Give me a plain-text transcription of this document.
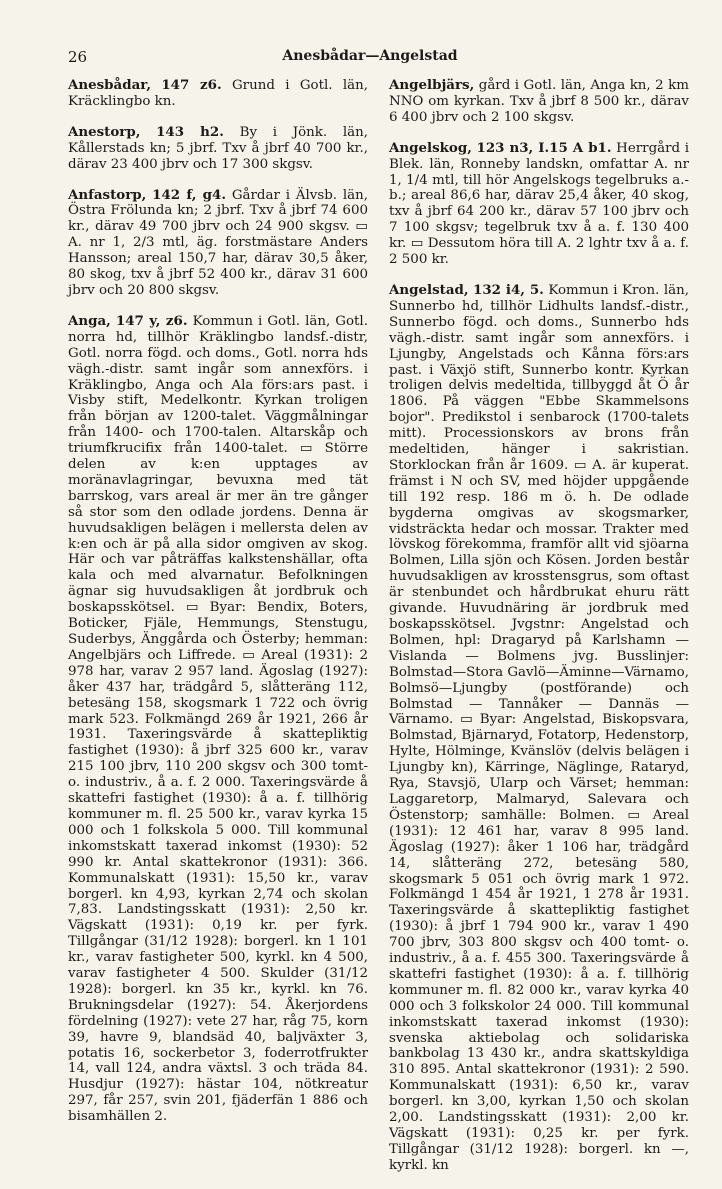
26	Anesbådar—Angelstad

Anesbådar, 147 z6. Grund i Gotl. län, Kräcklingbo kn.

Anestorp, 143 h2. By i Jönk. län, Kållerstads kn; 5 jbrf. Txv å jbrf 40 700 kr., därav 23 400 jbrv och 17 300 skgsv.

Anfastorp, 142 f, g4. Gårdar i Älvsb. län, Östra Frölunda kn; 2 jbrf. Txv å jbrf 74 600 kr., därav 49 700 jbrv och 24 900 skgsv. ▭ A. nr 1, 2/3 mtl, äg. forstmästare Anders Hansson; areal 150,7 har, därav 30,5 åker, 80 skog, txv å jbrf 52 400 kr., därav 31 600 jbrv och 20 800 skgsv.

Anga, 147 y, z6. Kommun i Gotl. län, Gotl. norra hd, tillhör Kräklingbo landsf.-distr, Gotl. norra fögd. och doms., Gotl. norra hds vägh.-distr. samt ingår som annexförs. i Kräklingbo, Anga och Ala förs:ars past. i Visby stift, Medelkontr. Kyrkan troligen från början av 1200-talet. Väggmålningar från 1400- och 1700-talen. Altarskåp och triumfkrucifix från 1400-talet. ▭ Större delen av k:en upptages av moränavlagringar, bevuxna med tät barrskog, vars areal är mer än tre gånger så stor som den odlade jordens. Denna är huvudsakligen belägen i mellersta delen av k:en och är på alla sidor omgiven av skog. Här och var påträffas kalkstenshällar, ofta kala och med alvarnatur. Befolkningen ägnar sig huvudsakligen åt jordbruk och boskapsskötsel. ▭ Byar: Bendix, Boters, Boticker, Fjäle, Hemmungs, Stenstugu, Suderbys, Änggårda och Österby; hemman: Angelbjärs och Liffrede. ▭ Areal (1931): 2 978 har, varav 2 957 land. Ägoslag (1927): åker 437 har, trädgård 5, slåtteräng 112, betesäng 158, skogsmark 1 722 och övrig mark 523. Folkmängd 269 år 1921, 266 år 1931. Taxeringsvärde å skattepliktig fastighet (1930): å jbrf 325 600 kr., varav 215 100 jbrv, 110 200 skgsv och 300 tomt- o. industriv., å a. f. 2 000. Taxeringsvärde å skattefri fastighet (1930): å a. f. tillhörig kommuner m. fl. 25 500 kr., varav kyrka 15 000 och 1 folkskola 5 000. Till kommunal inkomstskatt taxerad inkomst (1930): 52 990 kr. Antal skattekronor (1931): 366. Kommunalskatt (1931): 15,50 kr., varav borgerl. kn 4,93, kyrkan 2,74 och skolan 7,83. Landstingsskatt (1931): 2,50 kr. Vägskatt (1931): 0,19 kr. per fyrk. Tillgångar (31/12 1928): borgerl. kn 1 101 kr., varav fastigheter 500, kyrkl. kn 4 500, varav fastigheter 4 500. Skulder (31/12 1928): borgerl. kn 35 kr., kyrkl. kn 76. Brukningsdelar (1927): 54. Åkerjordens fördelning (1927): vete 27 har, råg 75, korn 39, havre 9, blandsäd 40, baljväxter 3, potatis 16, sockerbetor 3, foderrotfrukter 14, vall 124, andra växtsl. 3 och träda 84. Husdjur (1927): hästar 104, nötkreatur 297, får 257, svin 201, fjäderfän 1 886 och bisamhällen 2.

Angelbjärs, gård i Gotl. län, Anga kn, 2 km NNO om kyrkan. Txv å jbrf 8 500 kr., därav 6 400 jbrv och 2 100 skgsv.

Angelskog, 123 n3, I.15 A b1. Herrgård i Blek. län, Ronneby landskn, omfattar A. nr 1, 1/4 mtl, till hör Angelskogs tegelbruks a.-b.; areal 86,6 har, därav 25,4 åker, 40 skog, txv å jbrf 64 200 kr., därav 57 100 jbrv och 7 100 skgsv; tegelbruk txv å a. f. 130 400 kr. ▭ Dessutom höra till A. 2 lghtr txv å a. f. 2 500 kr.

Angelstad, 132 i4, 5. Kommun i Kron. län, Sunnerbo hd, tillhör Lidhults landsf.-distr., Sunnerbo fögd. och doms., Sunnerbo hds vägh.-distr. samt ingår som annexförs. i Ljungby, Angelstads och Kånna förs:ars past. i Växjö stift, Sunnerbo kontr. Kyrkan troligen delvis medeltida, tillbyggd åt Ö år 1806. På väggen "Ebbe Skammelsons bojor". Predikstol i senbarock (1700-talets mitt). Processionskors av brons från medeltiden, hänger i sakristian. Storklockan från år 1609. ▭ A. är kuperat. främst i N och SV, med höjder uppgående till 192 resp. 186 m ö. h. De odlade bygderna omgivas av skogsmarker, vidsträckta hedar och mossar. Trakter med lövskog förekomma, framför allt vid sjöarna Bolmen, Lilla sjön och Kösen. Jorden består huvudsakligen av krosstensgrus, som oftast är stenbundet och hårdbrukat ehuru rätt givande. Huvudnäring är jordbruk med boskapsskötsel. Jvgstnr: Angelstad och Bolmen, hpl: Dragaryd på Karlshamn — Vislanda — Bolmens jvg. Busslinjer: Bolmstad—Stora Gavlö—Äminne—Värnamo, Bolmsö—Ljungby (postförande) och Bolmstad — Tannåker — Dannäs —Värnamo. ▭ Byar: Angelstad, Biskopsvara, Bolmstad, Bjärnaryd, Fotatorp, Hedenstorp, Hylte, Hölminge, Kvänslöv (delvis belägen i Ljungby kn), Kärringe, Näglinge, Rataryd, Rya, Stavsjö, Ularp och Värset; hemman: Laggaretorp, Malmaryd, Salevara och Östenstorp; samhälle: Bolmen. ▭ Areal (1931): 12 461 har, varav 8 995 land. Ägoslag (1927): åker 1 106 har, trädgård 14, slåtteräng 272, betesäng 580, skogsmark 5 051 och övrig mark 1 972. Folkmängd 1 454 år 1921, 1 278 år 1931. Taxeringsvärde å skattepliktig fastighet (1930): å jbrf 1 794 900 kr., varav 1 490 700 jbrv, 303 800 skgsv och 400 tomt- o. industriv., å a. f. 455 300. Taxeringsvärde å skattefri fastighet (1930): å a. f. tillhörig kommuner m. fl. 82 000 kr., varav kyrka 40 000 och 3 folkskolor 24 000. Till kommunal inkomstskatt taxerad inkomst (1930): svenska aktiebolag och solidariska bankbolag 13 430 kr., andra skattskyldiga 310 895. Antal skattekronor (1931): 2 590. Kommunalskatt (1931): 6,50 kr., varav borgerl. kn 3,00, kyrkan 1,50 och skolan 2,00. Landstingsskatt (1931): 2,00 kr. Vägskatt (1931): 0,25 kr. per fyrk. Tillgångar (31/12 1928): borgerl. kn —, kyrkl. kn
